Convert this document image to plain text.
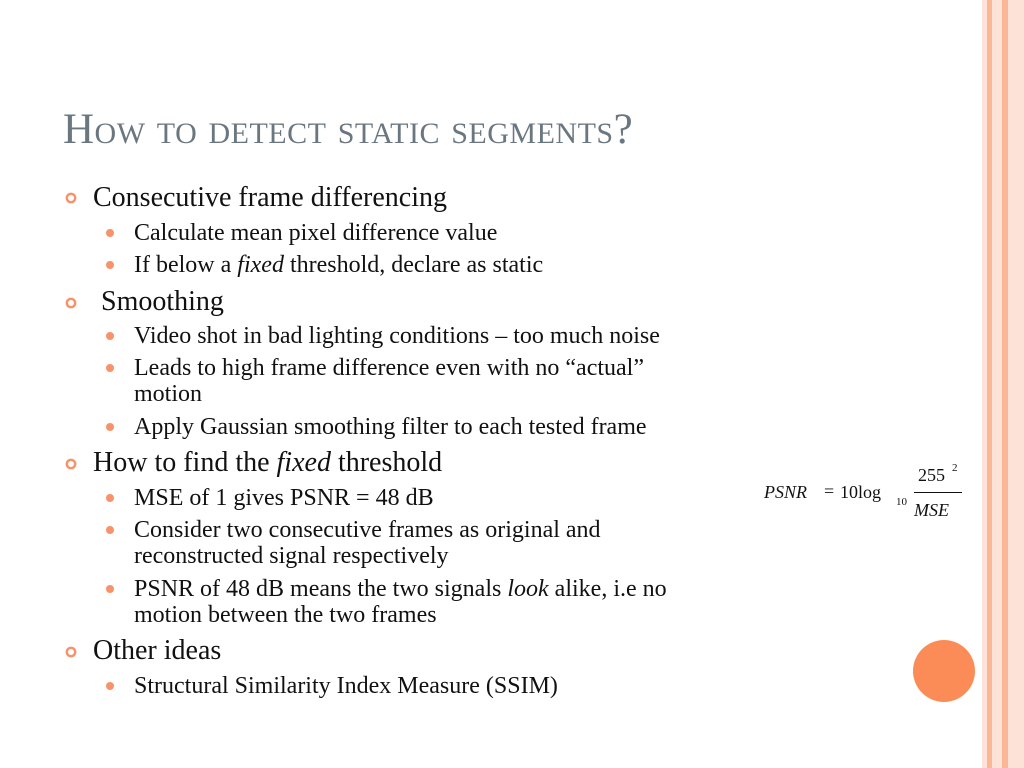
How to detect static segments?
Consecutive frame differencing
Calculate mean pixel difference value
If below a fixed threshold, declare as static
Smoothing
Video shot in bad lighting conditions – too much noise
Leads to high frame difference even with no “actual”
motion
Apply Gaussian smoothing filter to each tested frame
How to find the fixed threshold
MSE of 1 gives PSNR = 48 dB
Consider two consecutive frames as original and
reconstructed signal respectively
PSNR of 48 dB means the two signals look alike, i.e no
motion between the two frames
Other ideas
Structural Similarity Index Measure (SSIM)
PSNR = 10log 10
255 2
MSE
